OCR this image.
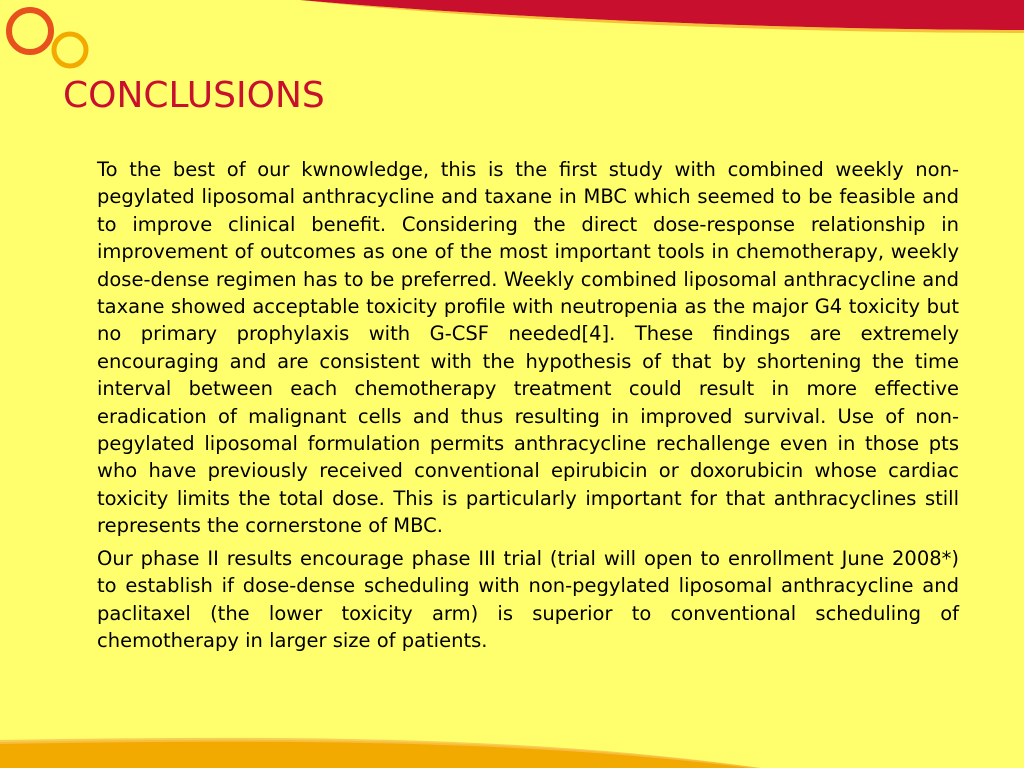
CONCLUSIONS

To the best of our kwnowledge, this is the first study with combined weekly non-pegylated liposomal anthracycline and taxane in MBC which seemed to be feasible and to improve clinical benefit. Considering the direct dose-response relationship in improvement of outcomes as one of the most important tools in chemotherapy, weekly dose-dense regimen has to be preferred. Weekly combined liposomal anthracycline and taxane showed acceptable toxicity profile with neutropenia as the major G4 toxicity but no primary prophylaxis with G-CSF needed[4]. These findings are extremely encouraging and are consistent with the hypothesis of that by shortening the time interval between each chemotherapy treatment could result in more effective eradication of malignant cells and thus resulting in improved survival. Use of non-pegylated liposomal formulation permits anthracycline rechallenge even in those pts who have previously received conventional epirubicin or doxorubicin whose cardiac toxicity limits the total dose. This is particularly important for that anthracyclines still represents the cornerstone of MBC.

Our phase II results encourage phase III trial (trial will open to enrollment June 2008*) to establish if dose-dense scheduling with non-pegylated liposomal anthracycline and paclitaxel (the lower toxicity arm) is superior to conventional scheduling of chemotherapy in larger size of patients.
